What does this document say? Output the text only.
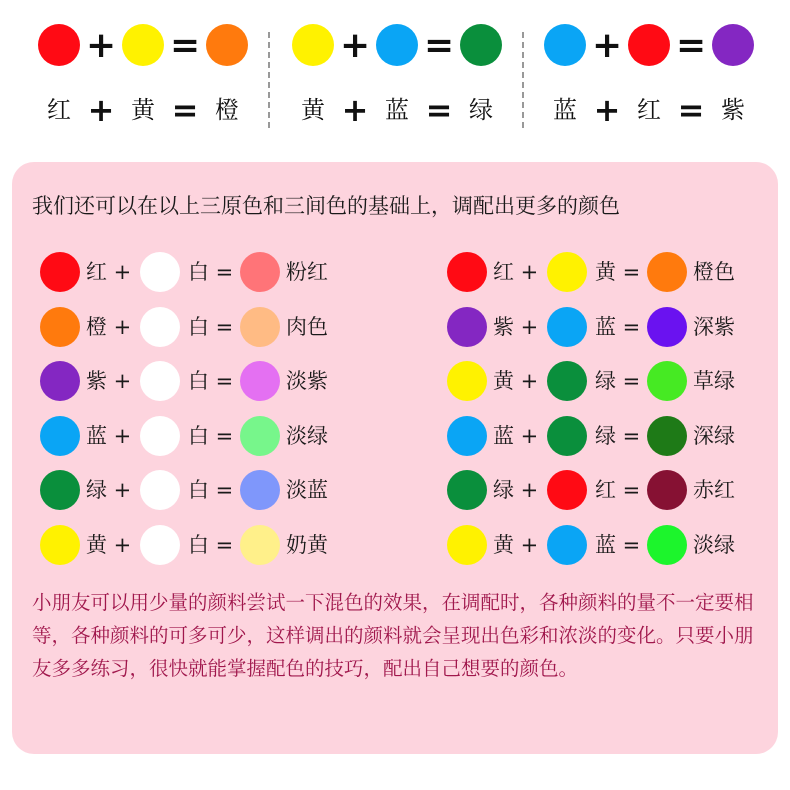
+ =
红 + 黄 = 橙
+ =
黄 + 蓝 = 绿
+ =
蓝 + 红 = 紫
我们还可以在以上三原色和三间色的基础上，调配出更多的颜色
红 +	白 =	粉红
橙 +	白 =	肉色
紫 +	白 =	淡紫
蓝 +	白 =	淡绿
绿 +	白 =	淡蓝
黄 +	白 =	奶黄
红 +	黄 =	橙色
紫 +	蓝 =	深紫
黄 +	绿 =	草绿
蓝 +	绿 =	深绿
绿 +	红 =	赤红
黄 +	蓝 =	淡绿
小朋友可以用少量的颜料尝试一下混色的效果，在调配时，各种颜料的量不一定要相等，各种颜料的可多可少，这样调出的颜料就会呈现出色彩和浓淡的变化。只要小朋友多多练习，很快就能掌握配色的技巧，配出自己想要的颜色。
